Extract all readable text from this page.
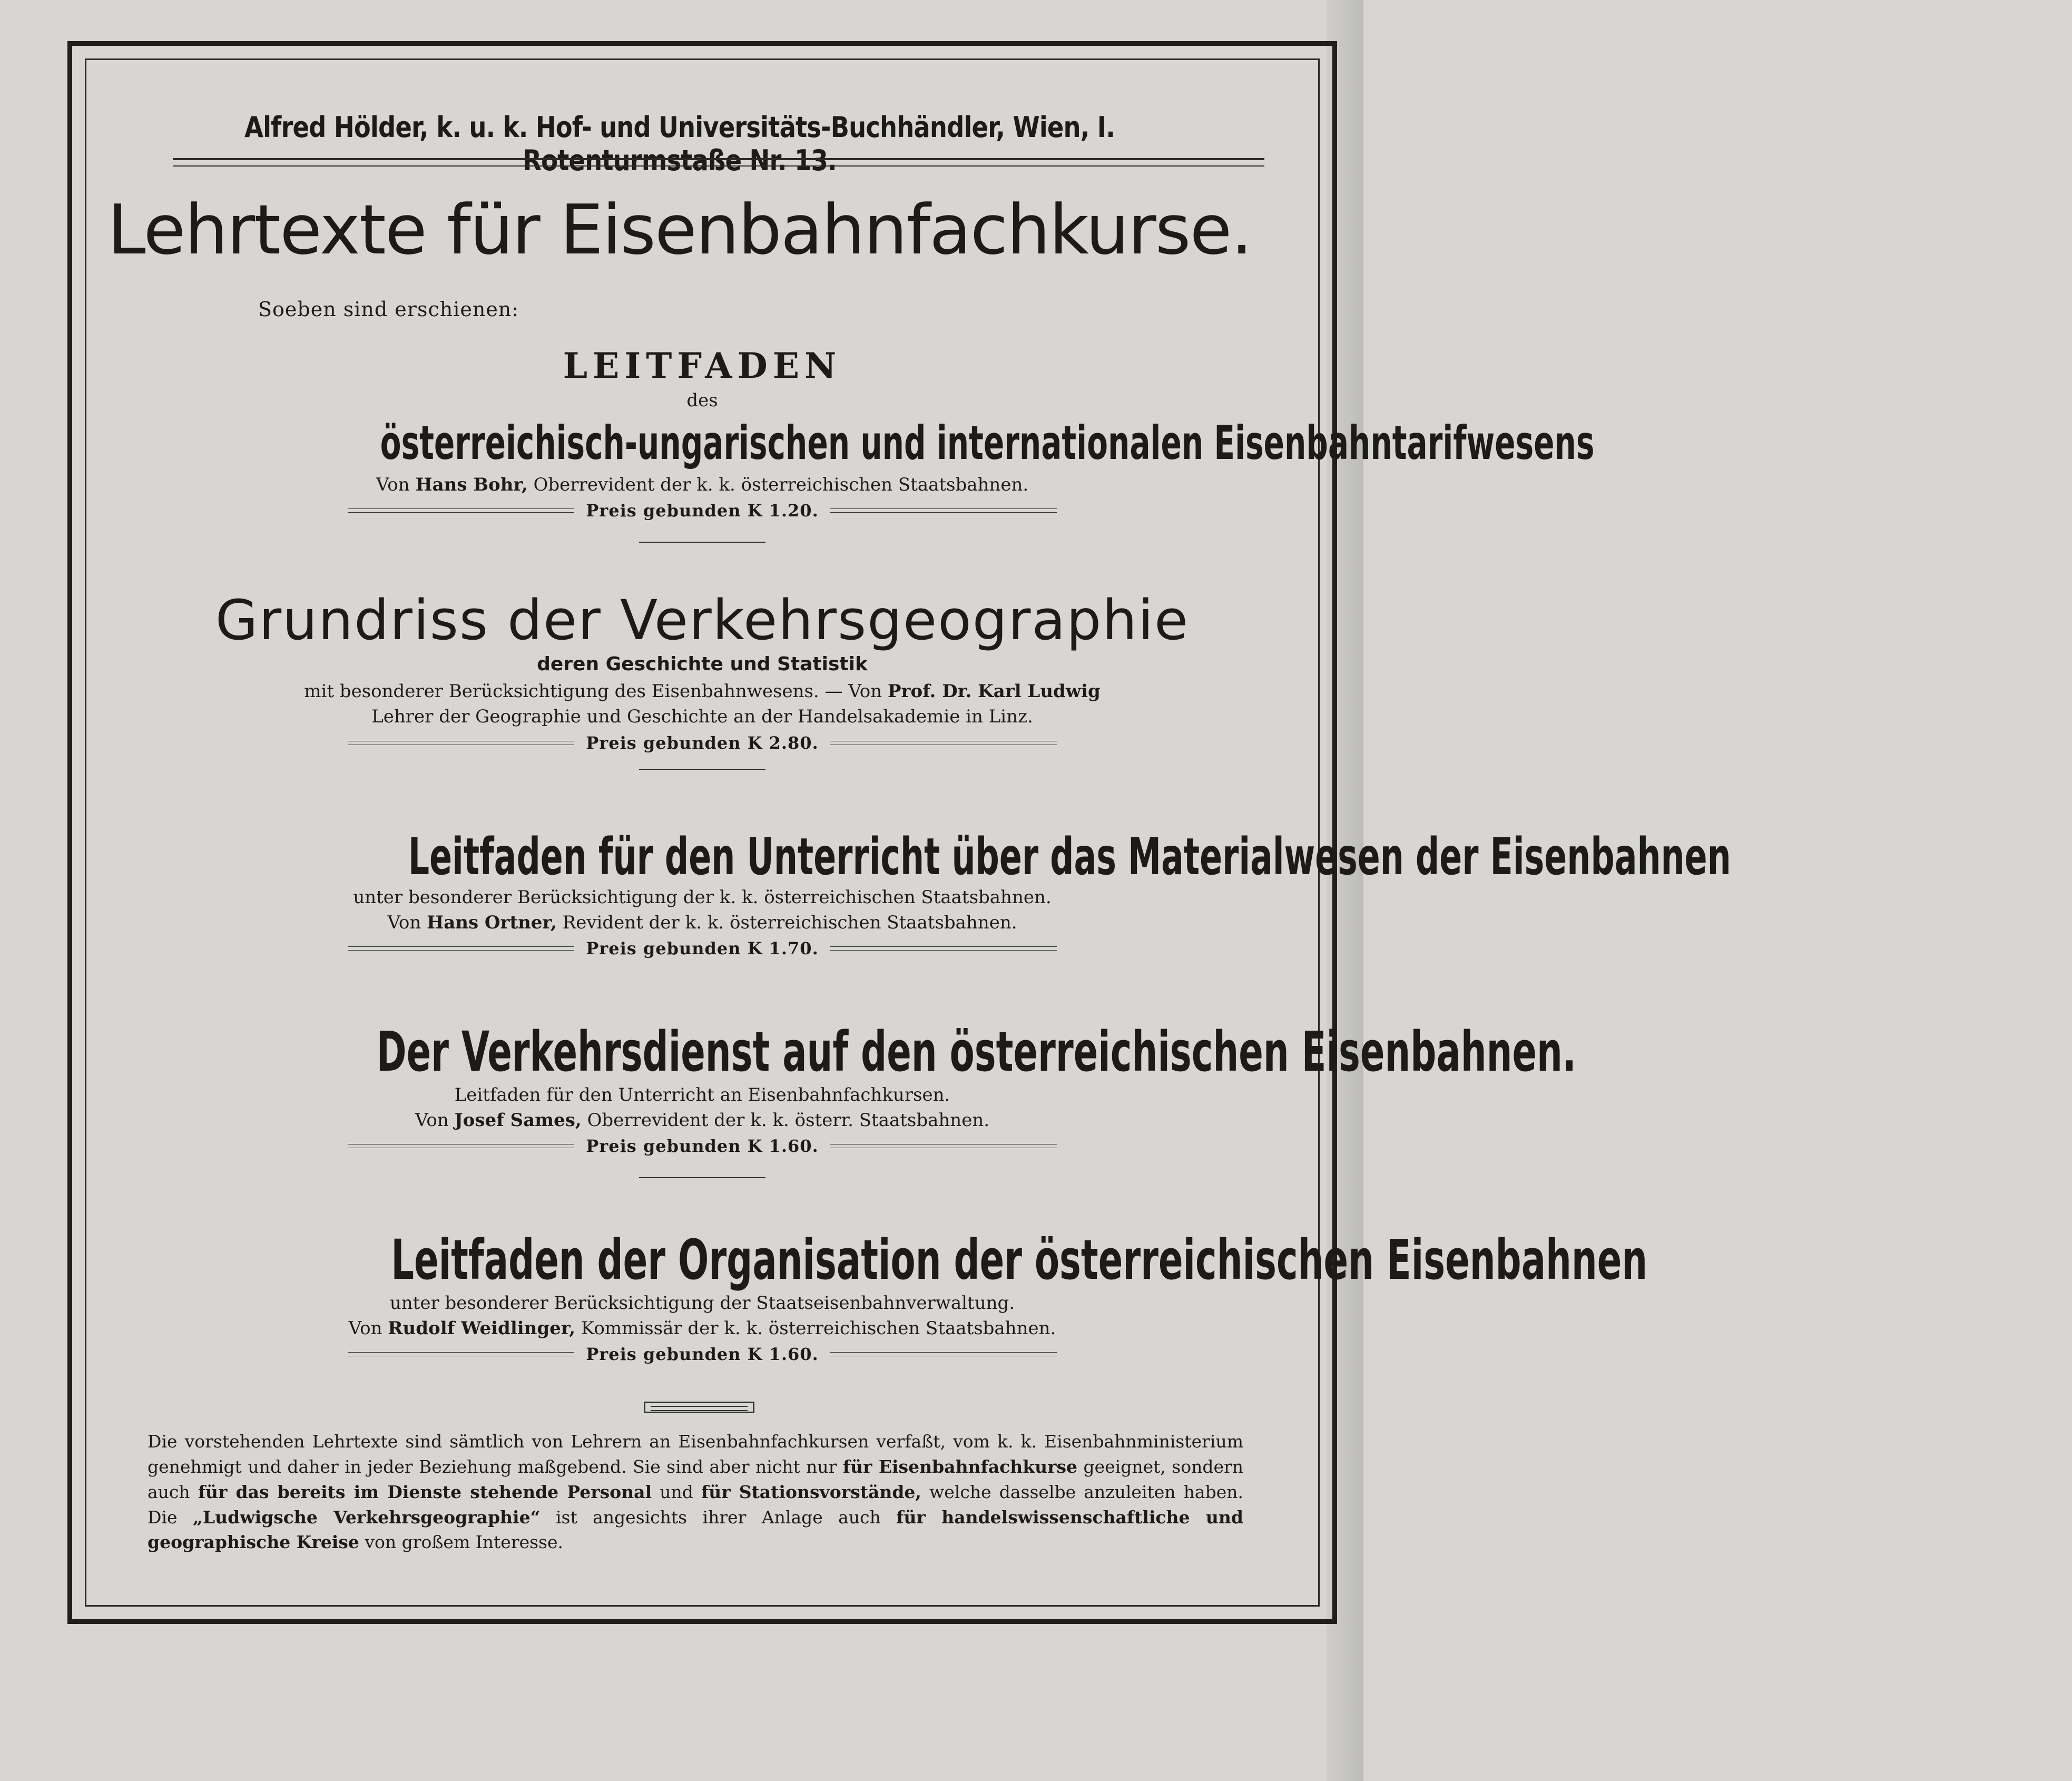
Alfred Hölder, k. u. k. Hof- und Universitäts-Buchhändler, Wien, I. Rotenturmstaße Nr. 13.
Lehrtexte für Eisenbahnfachkurse.
Soeben sind erschienen:
LEITFADEN
des
österreichisch-ungarischen und internationalen Eisenbahntarifwesens
Von Hans Bohr, Oberrevident der k. k. österreichischen Staatsbahnen.
Preis gebunden K 1.20.
Grundriss der Verkehrsgeographie
deren Geschichte und Statistik
mit besonderer Berücksichtigung des Eisenbahnwesens. — Von Prof. Dr. Karl Ludwig
Lehrer der Geographie und Geschichte an der Handelsakademie in Linz.
Preis gebunden K 2.80.
Leitfaden für den Unterricht über das Materialwesen der Eisenbahnen
unter besonderer Berücksichtigung der k. k. österreichischen Staatsbahnen.
Von Hans Ortner, Revident der k. k. österreichischen Staatsbahnen.
Preis gebunden K 1.70.
Der Verkehrsdienst auf den österreichischen Eisenbahnen.
Leitfaden für den Unterricht an Eisenbahnfachkursen.
Von Josef Sames, Oberrevident der k. k. österr. Staatsbahnen.
Preis gebunden K 1.60.
Leitfaden der Organisation der österreichischen Eisenbahnen
unter besonderer Berücksichtigung der Staatseisenbahnverwaltung.
Von Rudolf Weidlinger, Kommissär der k. k. österreichischen Staatsbahnen.
Preis gebunden K 1.60.
Die vorstehenden Lehrtexte sind sämtlich von Lehrern an Eisenbahnfachkursen verfaßt, vom k. k. Eisenbahnministerium genehmigt und daher in jeder Beziehung maßgebend. Sie sind aber nicht nur für Eisenbahnfachkurse geeignet, sondern auch für das bereits im Dienste stehende Personal und für Stationsvorstände, welche dasselbe anzuleiten haben. Die „Ludwigsche Verkehrsgeographie“ ist angesichts ihrer Anlage auch für handelswissenschaftliche und geographische Kreise von großem Interesse.
